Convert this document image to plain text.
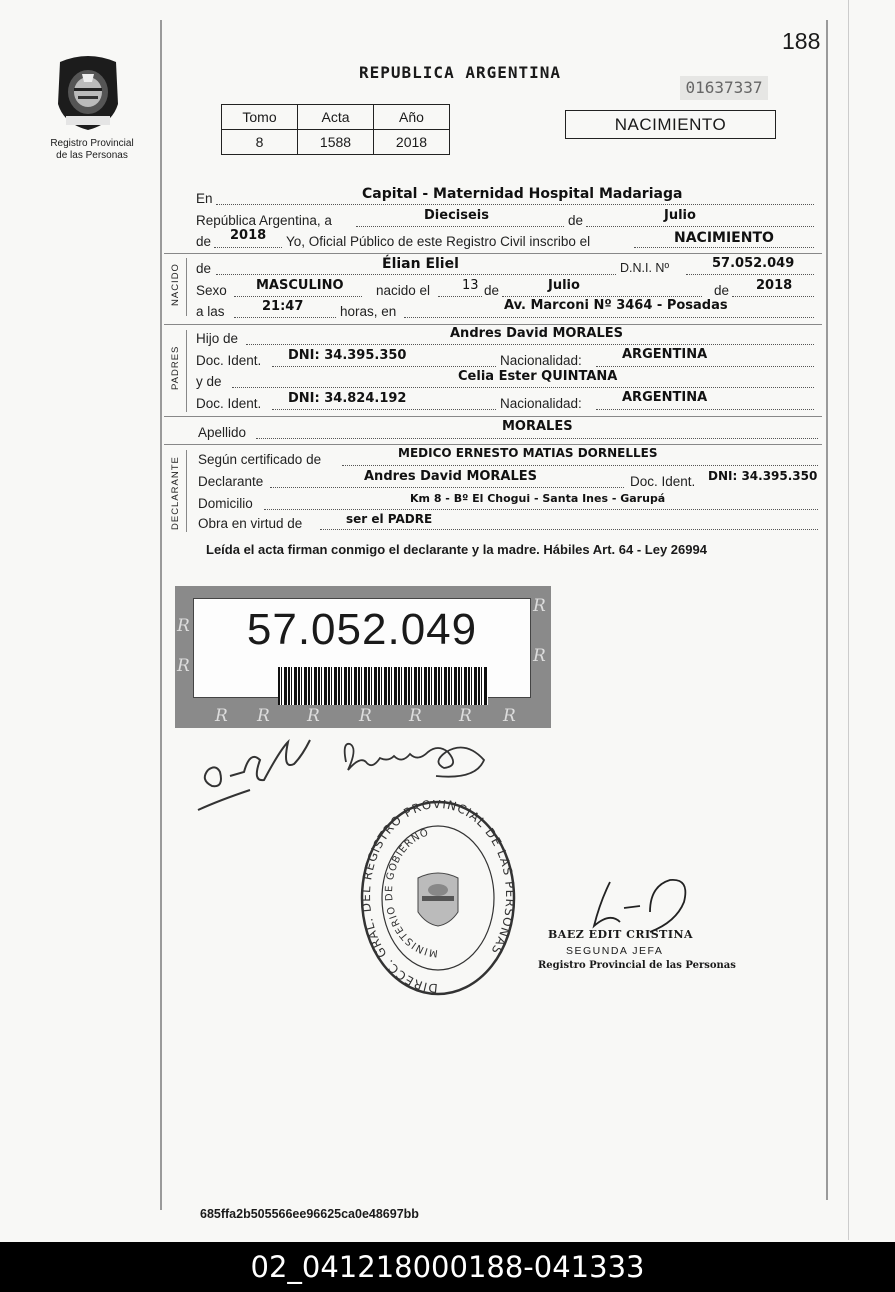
188
Registro Provincial
de las Personas
REPUBLICA ARGENTINA
01637337
Tomo	Acta	Año
8	1588	2018
NACIMIENTO
En	Capital - Maternidad Hospital Madariaga
República Argentina, a	Dieciseis	de	Julio
de 2018 Yo, Oficial Público de este Registro Civil inscribo el	NACIMIENTO
NACIDO de	Élian Eliel	D.N.I. Nº	57.052.049
Sexo MASCULINO nacido el 13 de	Julio	de 2018
a las	21:47	horas, en	Av. Marconi Nº 3464 - Posadas
PADRES
Hijo de	Andres David MORALES
Doc. Ident. DNI: 34.395.350	Nacionalidad:	ARGENTINA
y de	Celia Ester QUINTANA
Doc. Ident. DNI: 34.824.192	Nacionalidad:	ARGENTINA
Apellido	MORALES
DECLARANTE Según certificado de	MEDICO ERNESTO MATIAS DORNELLES
Declarante	Andres David MORALES	Doc. Ident. DNI: 34.395.350
Domicilio	Km 8 - Bº El Chogui - Santa Ines - Garupá
Obra en virtud de	ser el PADRE
Leída el acta firman conmigo el declarante y la madre. Hábiles Art. 64 - Ley 26994
R
R
R
R
R R R R R R R
57.052.049
DIRECC. GRAL. DEL REGISTRO PROVINCIAL DE LAS PERSONAS
MINISTERIO DE GOBIERNO
BAEZ EDIT CRISTINA
SEGUNDA JEFA
Registro Provincial de las Personas
685ffa2b505566ee96625ca0e48697bb
02_041218000188-041333
